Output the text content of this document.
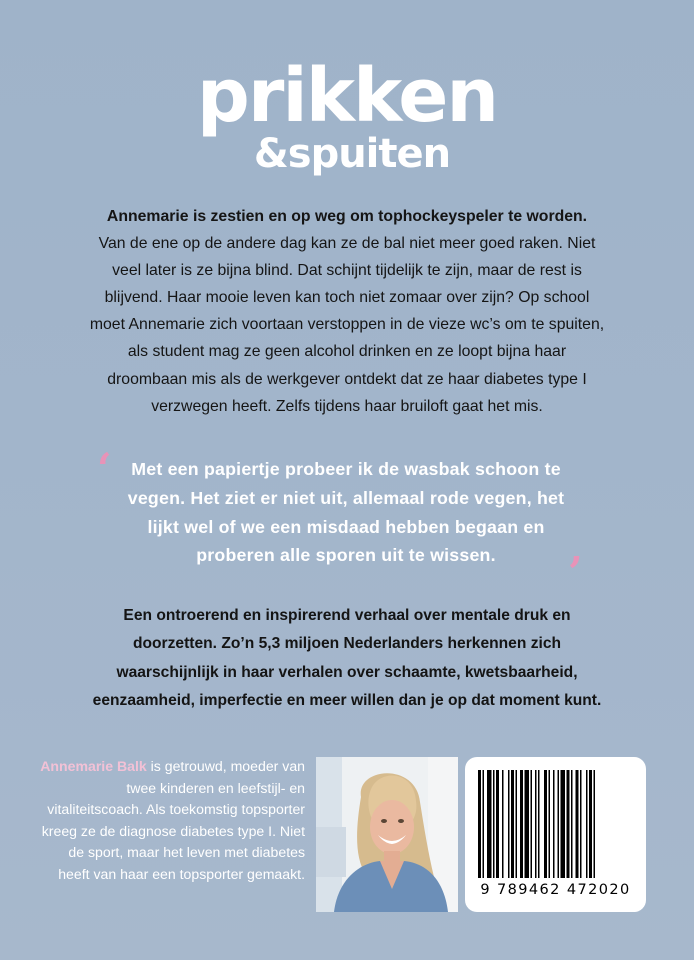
prikken
&spuiten

Annemarie is zestien en op weg om tophockeyspeler te worden.

Van de ene op de andere dag kan ze de bal niet meer goed raken. Niet veel later is ze bijna blind. Dat schijnt tijdelijk te zijn, maar de rest is blijvend. Haar mooie leven kan toch niet zomaar over zijn? Op school moet Annemarie zich voortaan verstoppen in de vieze wc’s om te spuiten, als student mag ze geen alcohol drinken en ze loopt bijna haar droombaan mis als de werkgever ontdekt dat ze haar diabetes type I verzwegen heeft. Zelfs tijdens haar bruiloft gaat het mis.

‘	Met een papiertje probeer ik de wasbak schoon te vegen. Het ziet er niet uit, allemaal rode vegen, het lijkt wel of we een misdaad hebben begaan en proberen alle sporen uit te wissen.	’
Een ontroerend en inspirerend verhaal over mentale druk en doorzetten. Zo’n 5,3 miljoen Nederlanders herkennen zich waarschijnlijk in haar verhalen over schaamte, kwetsbaarheid, eenzaamheid, imperfectie en meer willen dan je op dat moment kunt.
Annemarie Balk is getrouwd, moeder van twee kinderen en leefstijl- en vitaliteitscoach. Als toekomstig topsporter kreeg ze de diagnose diabetes type I. Niet de sport, maar het leven met diabetes heeft van haar een topsporter gemaakt.
9 789462 472020
